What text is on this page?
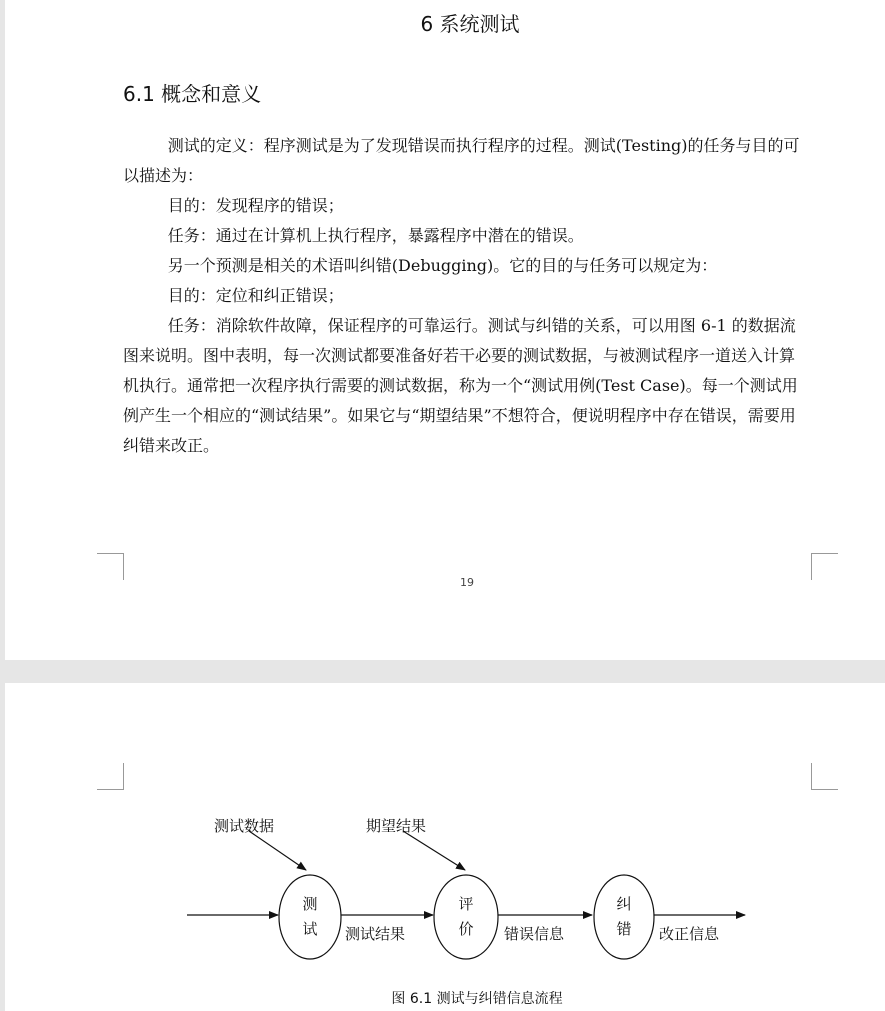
6 系统测试
6.1 概念和意义

测试的定义：程序测试是为了发现错误而执行程序的过程。测试(Testing)的任务与目的可以描述为：

目的：发现程序的错误；

任务：通过在计算机上执行程序，暴露程序中潜在的错误。

另一个预测是相关的术语叫纠错(Debugging)。它的目的与任务可以规定为：

目的：定位和纠正错误；

任务：消除软件故障，保证程序的可靠运行。测试与纠错的关系，可以用图 6-1 的数据流图来说明。图中表明，每一次测试都要准备好若干必要的测试数据，与被测试程序一道送入计算机执行。通常把一次程序执行需要的测试数据，称为一个“测试用例(Test Case)。每一个测试用例产生一个相应的“测试结果”。如果它与“期望结果”不想符合，便说明程序中存在错误，需要用纠错来改正。

19
测试数据	期望结果
测
试 测试结果
评
价 错误信息
纠
错 改正信息
图 6.1 测试与纠错信息流程
